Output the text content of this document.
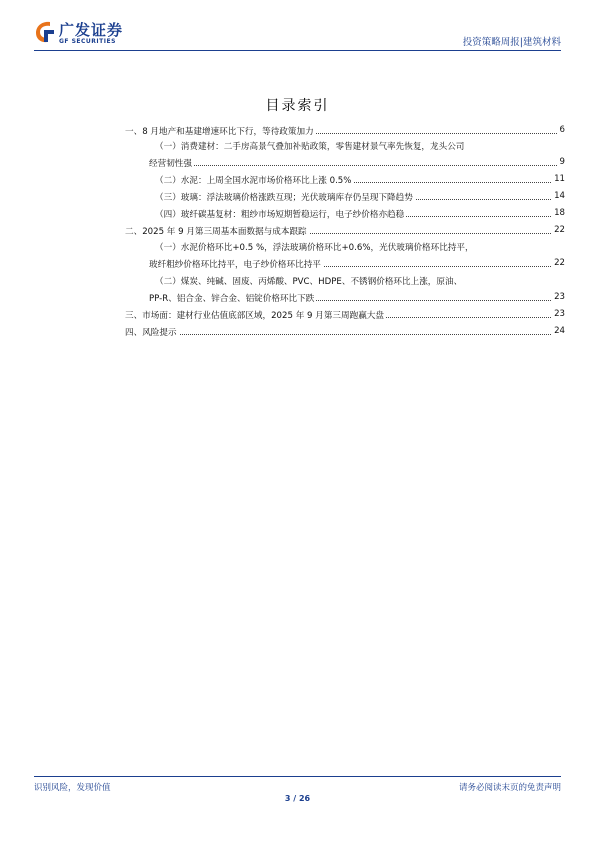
广发证券
GF SECURITIES	投资策略周报|建筑材料
目录索引
一、8 月地产和基建增速环比下行，等待政策加力	6
（一）消费建材：二手房高景气叠加补贴政策，零售建材景气率先恢复，龙头公司
经营韧性强	9
（二）水泥：上周全国水泥市场价格环比上涨 0.5%	11
（三）玻璃：浮法玻璃价格涨跌互现；光伏玻璃库存仍呈现下降趋势	14
（四）玻纤碳基复材：粗纱市场短期暂稳运行，电子纱价格亦趋稳	18
二、2025 年 9 月第三周基本面数据与成本跟踪	22
（一）水泥价格环比+0.5 %，浮法玻璃价格环比+0.6%，光伏玻璃价格环比持平，
玻纤粗纱价格环比持平，电子纱价格环比持平	22
（二）煤炭、纯碱、固废、丙烯酸、PVC、HDPE、不锈钢价格环比上涨，原油、
PP-R、铝合金、锌合金、铝锭价格环比下跌	23
三、市场面：建材行业估值底部区域，2025 年 9 月第三周跑赢大盘	23
四、风险提示	24
识别风险，发现价值	请务必阅读末页的免责声明
3 / 26
